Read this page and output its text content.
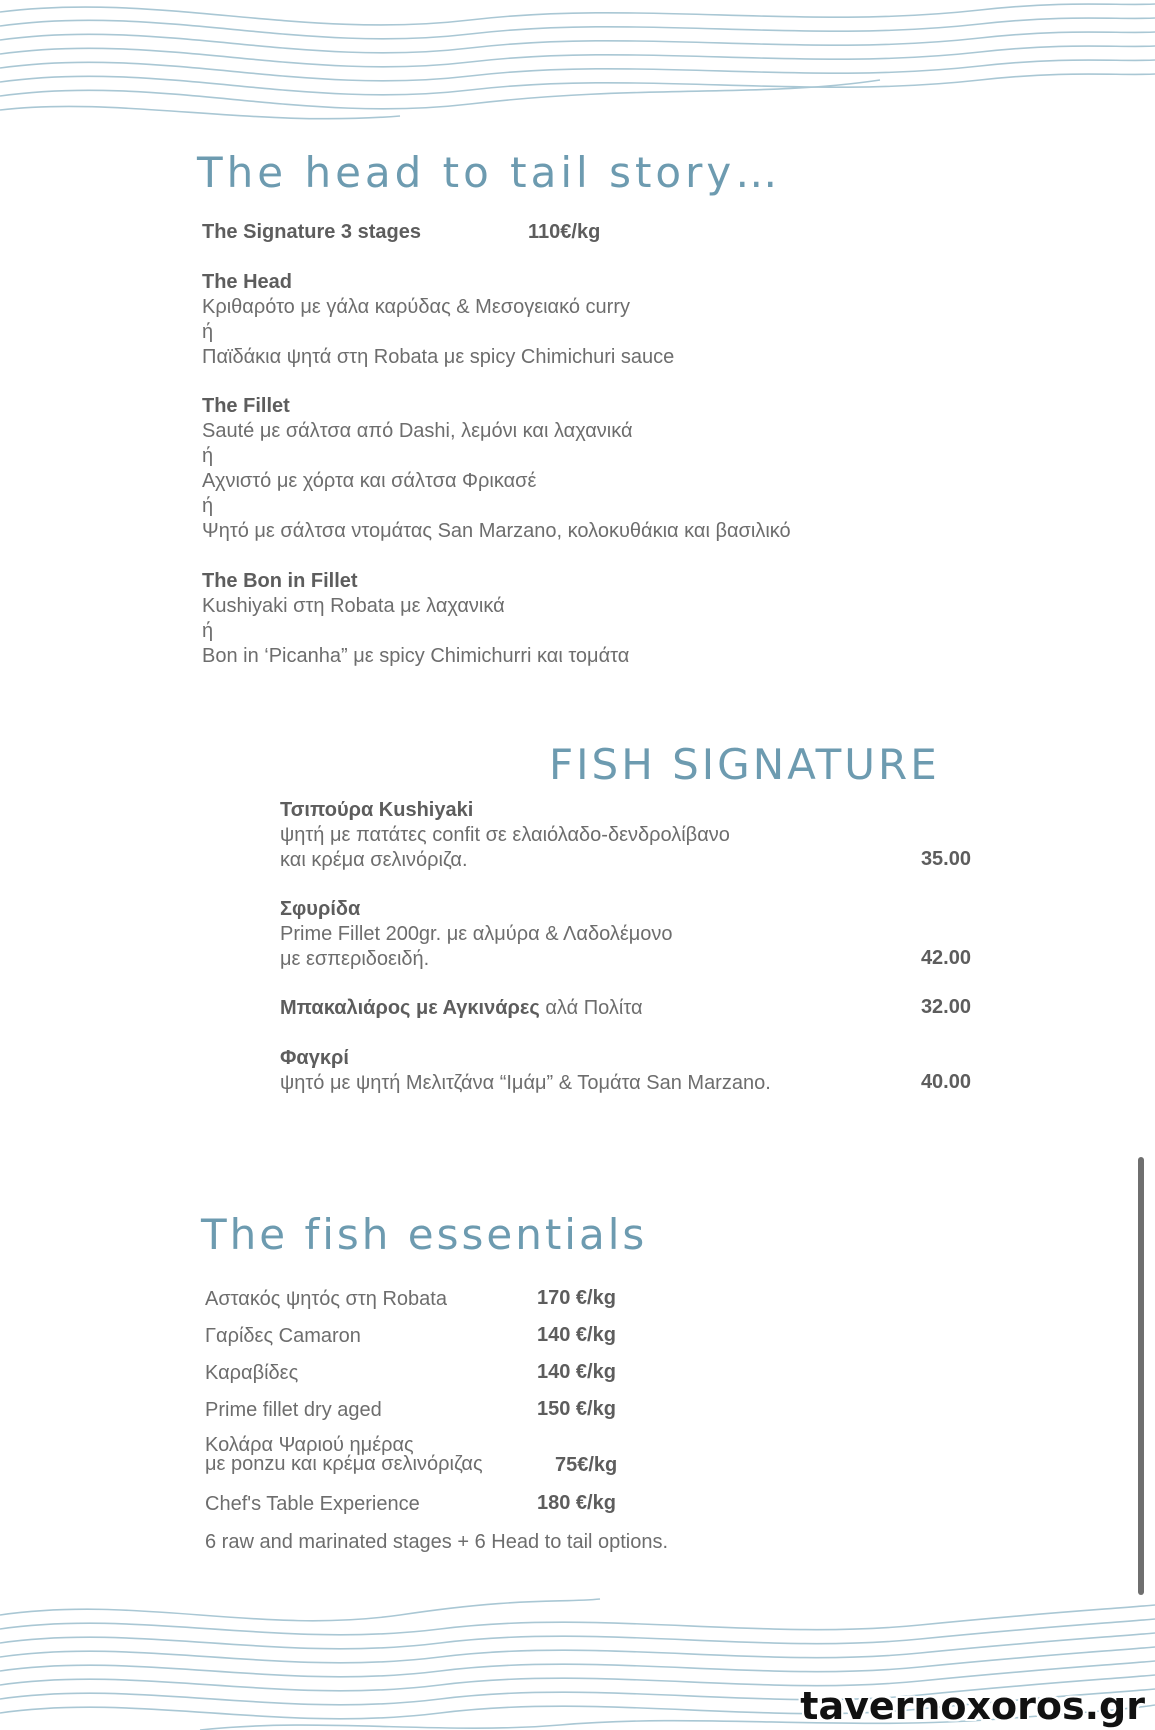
The head to tail story…
The Signature 3 stages	110€/kg
The Head
Κριθαρότο με γάλα καρύδας & Μεσογειακό curry
ή
Παϊδάκια ψητά στη Robata με spicy Chimichuri sauce
The Fillet
Sauté με σάλτσα από Dashi, λεμόνι και λαχανικά
ή
Αχνιστό με χόρτα και σάλτσα Φρικασέ
ή
Ψητό με σάλτσα ντομάτας San Marzano, κολοκυθάκια και βασιλικό
The Bon in Fillet
Kushiyaki στη Robata με λαχανικά
ή
Bon in ‘Picanha” με spicy Chimichurri και τομάτα
FISH SIGNATURE
Τσιπούρα Kushiyaki
ψητή με πατάτες confit σε ελαιόλαδο-δενδρολίβανο
και κρέμα σελινόριζα.	35.00
Σφυρίδα
Prime Fillet 200gr. με αλμύρα & Λαδολέμονο
με εσπεριδοειδή.	42.00
Μπακαλιάρος με Αγκινάρες αλά Πολίτα	32.00
Φαγκρί
ψητό με ψητή Μελιτζάνα “Ιμάμ” & Τομάτα San Marzano.	40.00
The fish essentials
Αστακός ψητός στη Robata	170 €/kg
Γαρίδες Camaron	140 €/kg
Καραβίδες	140 €/kg
Prime fillet dry aged	150 €/kg
Κολάρα Ψαριού ημέρας
με ponzu και κρέμα σελινόριζας	75€/kg
Chef's Table Experience	180 €/kg
6 raw and marinated stages + 6 Head to tail options.
tavernoxoros.gr
